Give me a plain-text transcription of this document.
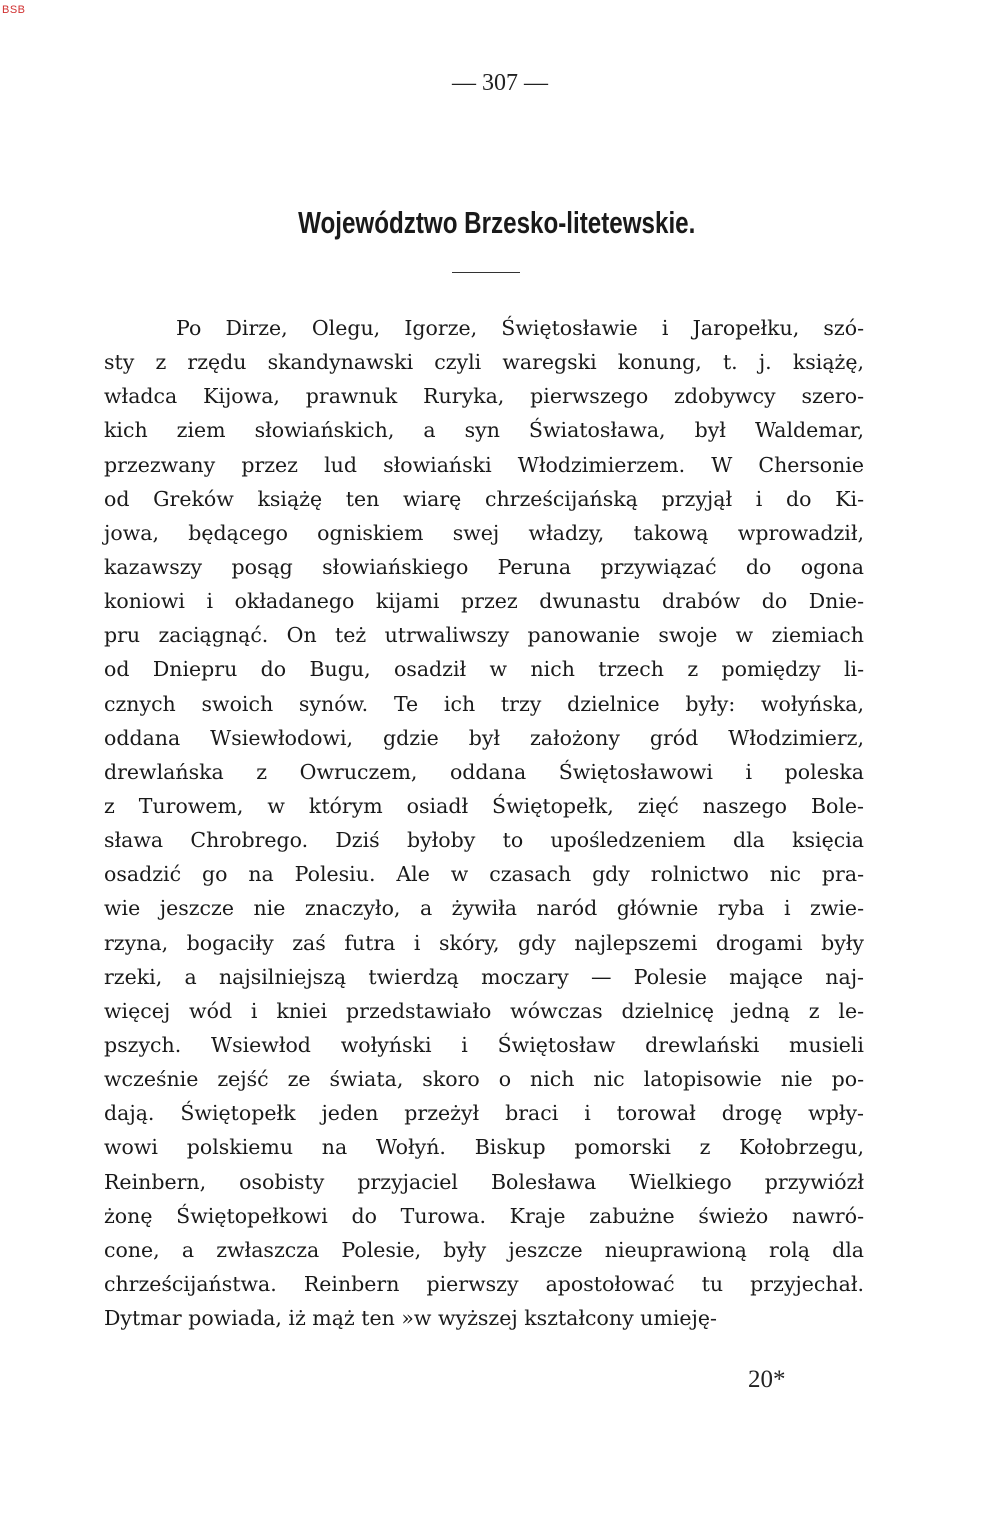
BSB
— 307 —
Województwo Brzesko-litetewskie.
Po Dirze, Olegu, Igorze, Świętosławie i Jaropełku, szó-
sty z rzędu skandynawski czyli waregski konung, t. j. książę,
władca Kijowa, prawnuk Ruryka, pierwszego zdobywcy szero-
kich ziem słowiańskich, a syn Światosława, był Waldemar,
przezwany przez lud słowiański Włodzimierzem. W Chersonie
od Greków książę ten wiarę chrześcijańską przyjął i do Ki-
jowa, będącego ogniskiem swej władzy, takową wprowadził,
kazawszy posąg słowiańskiego Peruna przywiązać do ogona
koniowi i okładanego kijami przez dwunastu drabów do Dnie-
pru zaciągnąć. On też utrwaliwszy panowanie swoje w ziemiach
od Dniepru do Bugu, osadził w nich trzech z pomiędzy li-
cznych swoich synów. Te ich trzy dzielnice były: wołyńska,
oddana Wsiewłodowi, gdzie był założony gród Włodzimierz,
drewlańska z Owruczem, oddana Świętosławowi i poleska
z Turowem, w którym osiadł Świętopełk, zięć naszego Bole-
sława Chrobrego. Dziś byłoby to upośledzeniem dla księcia
osadzić go na Polesiu. Ale w czasach gdy rolnictwo nic pra-
wie jeszcze nie znaczyło, a żywiła naród głównie ryba i zwie-
rzyna, bogaciły zaś futra i skóry, gdy najlepszemi drogami były
rzeki, a najsilniejszą twierdzą moczary — Polesie mające naj-
więcej wód i kniei przedstawiało wówczas dzielnicę jedną z le-
pszych. Wsiewłod wołyński i Świętosław drewlański musieli
wcześnie zejść ze świata, skoro o nich nic latopisowie nie po-
dają. Świętopełk jeden przeżył braci i torował drogę wpły-
wowi polskiemu na Wołyń. Biskup pomorski z Kołobrzegu,
Reinbern, osobisty przyjaciel Bolesława Wielkiego przywiózł
żonę Świętopełkowi do Turowa. Kraje zabużne świeżo nawró-
cone, a zwłaszcza Polesie, były jeszcze nieuprawioną rolą dla
chrześcijaństwa. Reinbern pierwszy apostołować tu przyjechał.
Dytmar powiada, iż mąż ten »w wyższej kształcony umieję-
20*
